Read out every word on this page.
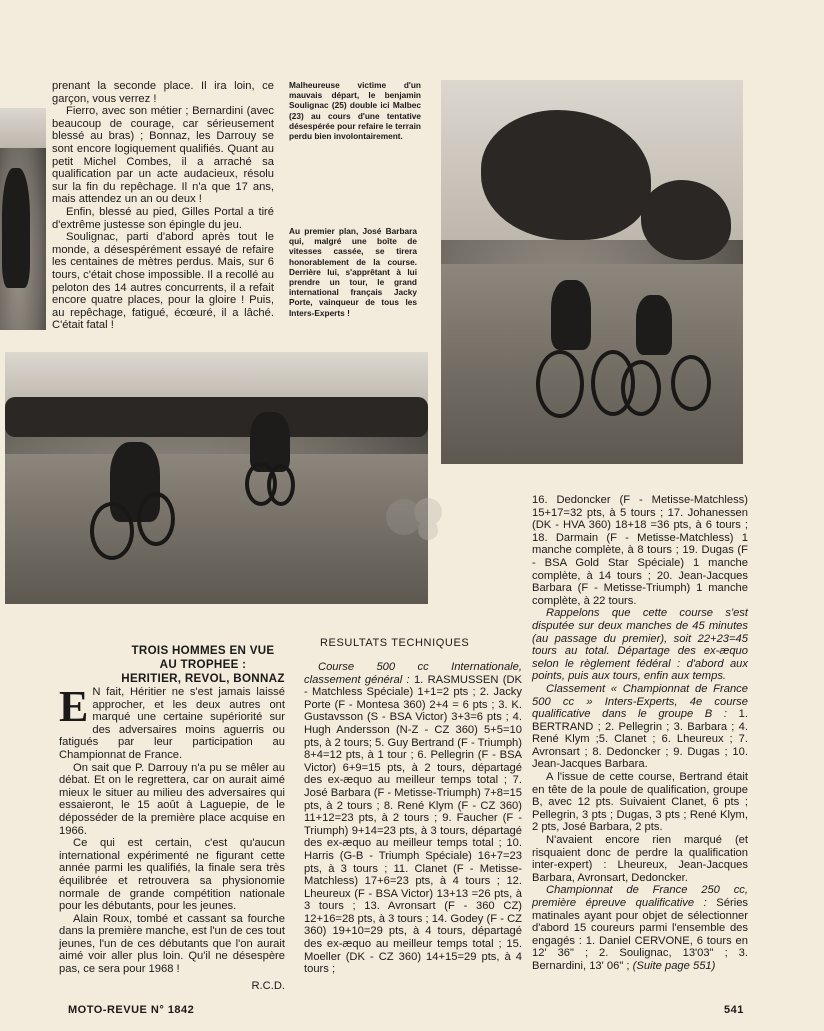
prenant la seconde place. Il ira loin, ce garçon, vous verrez !

Fierro, avec son métier ; Bernardini (avec beaucoup de courage, car sérieusement blessé au bras) ; Bonnaz, les Darrouy se sont encore logiquement qualifiés. Quant au petit Michel Combes, il a arraché sa qualification par un acte audacieux, résolu sur la fin du repêchage. Il n'a que 17 ans, mais attendez un an ou deux !

Enfin, blessé au pied, Gilles Portal a tiré d'extrême justesse son épingle du jeu.

Soulignac, parti d'abord après tout le monde, a désespérément essayé de refaire les centaines de mètres perdus. Mais, sur 6 tours, c'était chose impossible. Il a recollé au peloton des 14 autres concurrents, il a refait encore quatre places, pour la gloire ! Puis, au repêchage, fatigué, écœuré, il a lâché. C'était fatal !

Malheureuse victime d'un mauvais départ, le benjamin Soulignac (25) double ici Malbec (23) au cours d'une tentative désespérée pour refaire le terrain perdu bien involontairement.
Au premier plan, José Barbara qui, malgré une boîte de vitesses cassée, se tirera honorablement de la course. Derrière lui, s'apprêtant à lui prendre un tour, le grand international français Jacky Porte, vainqueur de tous les Inters-Experts !
TROIS HOMMES EN VUE
AU TROPHEE :
HERITIER, REVOL, BONNAZ

E N fait, Héritier ne s'est jamais laissé approcher, et les deux autres ont marqué une certaine supériorité sur des adversaires moins aguerris ou fatigués par leur participation au Championnat de France.

On sait que P. Darrouy n'a pu se mêler au débat. Et on le regrettera, car on aurait aimé mieux le situer au milieu des adversaires qui essaieront, le 15 août à Laguepie, de le déposséder de la première place acquise en 1966.

Ce qui est certain, c'est qu'aucun international expérimenté ne figurant cette année parmi les qualifiés, la finale sera très équilibrée et retrouvera sa physionomie normale de grande compétition nationale pour les débutants, pour les jeunes.

Alain Roux, tombé et cassant sa fourche dans la première manche, est l'un de ces tout jeunes, l'un de ces débutants que l'on aurait aimé voir aller plus loin. Qu'il ne désespère pas, ce sera pour 1968 !

R.C.D.

RESULTATS TECHNIQUES

Course 500 cc Internationale, classement général : 1. RASMUSSEN (DK - Matchless Spéciale) 1+1=2 pts ; 2. Jacky Porte (F - Montesa 360) 2+4 = 6 pts ; 3. K. Gustavsson (S - BSA Victor) 3+3=6 pts ; 4. Hugh Andersson (N-Z - CZ 360) 5+5=10 pts, à 2 tours; 5. Guy Bertrand (F - Triumph) 8+4=12 pts, à 1 tour ; 6. Pellegrin (F - BSA Victor) 6+9=15 pts, à 2 tours, départagé des ex-æquo au meilleur temps total ; 7. José Barbara (F - Metisse-Triumph) 7+8=15 pts, à 2 tours ; 8. René Klym (F - CZ 360) 11+12=23 pts, à 2 tours ; 9. Faucher (F - Triumph) 9+14=23 pts, à 3 tours, départagé des ex-æquo au meilleur temps total ; 10. Harris (G-B - Triumph Spéciale) 16+7=23 pts, à 3 tours ; 11. Clanet (F - Metisse-Matchless) 17+6=23 pts, à 4 tours ; 12. Lheureux (F - BSA Victor) 13+13 =26 pts, à 3 tours ; 13. Avronsart (F - 360 CZ) 12+16=28 pts, à 3 tours ; 14. Godey (F - CZ 360) 19+10=29 pts, à 4 tours, départagé des ex-æquo au meilleur temps total ; 15. Moeller (DK - CZ 360) 14+15=29 pts, à 4 tours ;

16. Dedoncker (F - Metisse-Matchless) 15+17=32 pts, à 5 tours ; 17. Johanessen (DK - HVA 360) 18+18 =36 pts, à 6 tours ; 18. Darmain (F - Metisse-Matchless) 1 manche complète, à 8 tours ; 19. Dugas (F - BSA Gold Star Spéciale) 1 manche complète, à 14 tours ; 20. Jean-Jacques Barbara (F - Metisse-Triumph) 1 manche complète, à 22 tours.

Rappelons que cette course s'est disputée sur deux manches de 45 minutes (au passage du premier), soit 22+23=45 tours au total. Départage des ex-æquo selon le règlement fédéral : d'abord aux points, puis aux tours, enfin aux temps.

Classement « Championnat de France 500 cc » Inters-Experts, 4e course qualificative dans le groupe B : 1. BERTRAND ; 2. Pellegrin ; 3. Barbara ; 4. René Klym ;5. Clanet ; 6. Lheureux ; 7. Avronsart ; 8. Dedoncker ; 9. Dugas ; 10. Jean-Jacques Barbara.

A l'issue de cette course, Bertrand était en tête de la poule de qualification, groupe B, avec 12 pts. Suivaient Clanet, 6 pts ; Pellegrin, 3 pts ; Dugas, 3 pts ; René Klym, 2 pts, José Barbara, 2 pts.

N'avaient encore rien marqué (et risquaient donc de perdre la qualification inter-expert) : Lheureux, Jean-Jacques Barbara, Avronsart, Dedoncker.

Championnat de France 250 cc, première épreuve qualificative : Séries matinales ayant pour objet de sélectionner d'abord 15 coureurs parmi l'ensemble des engagés : 1. Daniel CERVONE, 6 tours en 12' 36" ; 2. Soulignac, 13'03" ; 3. Bernardini, 13' 06" ; (Suite page 551)

MOTO-REVUE N° 1842	541
